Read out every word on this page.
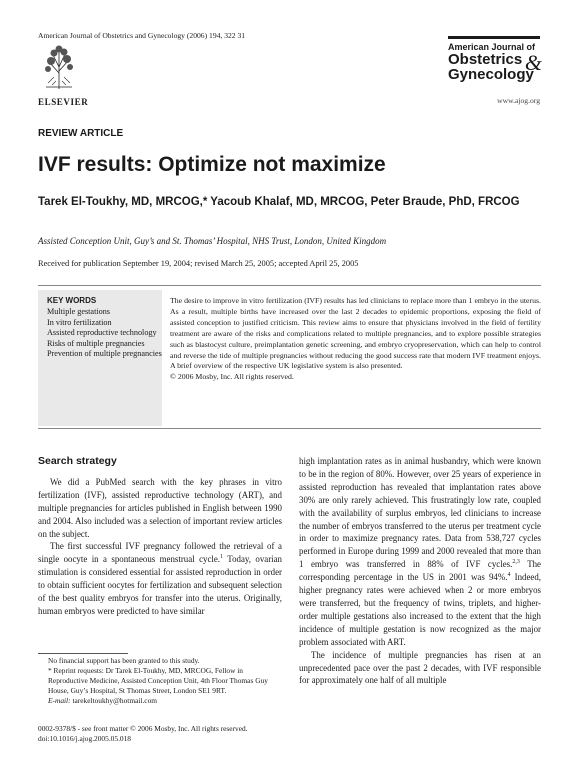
American Journal of Obstetrics and Gynecology (2006) 194, 322 31
ELSEVIER
American Journal of
Obstetrics
Gynecology
&
www.ajog.org
REVIEW ARTICLE
IVF results: Optimize not maximize
Tarek El-Toukhy, MD, MRCOG,* Yacoub Khalaf, MD, MRCOG, Peter Braude, PhD, FRCOG
Assisted Conception Unit, Guy’s and St. Thomas’ Hospital, NHS Trust, London, United Kingdom
Received for publication September 19, 2004; revised March 25, 2005; accepted April 25, 2005
KEY WORDS
Multiple gestations
In vitro fertilization
Assisted reproductive technology
Risks of multiple pregnancies
Prevention of multiple pregnancies

The desire to improve in vitro fertilization (IVF) results has led clinicians to replace more than 1 embryo in the uterus. As a result, multiple births have increased over the last 2 decades to epidemic proportions, exposing the field of assisted conception to justified criticism. This review aims to ensure that physicians involved in the field of fertility treatment are aware of the risks and complications related to multiple pregnancies, and to explore possible strategies such as blastocyst culture, preimplantation genetic screening, and embryo cryopreservation, which can help to control and reverse the tide of multiple pregnancies without reducing the good success rate that modern IVF treatment enjoys. A brief overview of the respective UK legislative system is also presented.

© 2006 Mosby, Inc. All rights reserved.
Search strategy

We did a PubMed search with the key phrases in vitro fertilization (IVF), assisted reproductive technology (ART), and multiple pregnancies for articles published in English between 1990 and 2004. Also included was a selection of important review articles on the subject.

The first successful IVF pregnancy followed the retrieval of a single oocyte in a spontaneous menstrual cycle.$^1$ Today, ovarian stimulation is considered essential for assisted reproduction in order to obtain sufficient oocytes for fertilization and subsequent selection of the best quality embryos for transfer into the uterus. Originally, human embryos were predicted to have similar

high implantation rates as in animal husbandry, which were known to be in the region of 80%. However, over 25 years of experience in assisted reproduction has revealed that implantation rates above 30% are only rarely achieved. This frustratingly low rate, coupled with the availability of surplus embryos, led clinicians to increase the number of embryos transferred to the uterus per treatment cycle in order to maximize pregnancy rates. Data from 538,727 cycles performed in Europe during 1999 and 2000 revealed that more than 1 embryo was transferred in 88% of IVF cycles.$^{2,3}$ The corresponding percentage in the US in 2001 was 94%.$^4$ Indeed, higher pregnancy rates were achieved when 2 or more embryos were transferred, but the frequency of twins, triplets, and higher-order multiple gestations also increased to the extent that the high incidence of multiple gestation is now recognized as the major problem associated with ART.

The incidence of multiple pregnancies has risen at an unprecedented pace over the past 2 decades, with IVF responsible for approximately one half of all multiple

No financial support has been granted to this study.

* Reprint requests: Dr Tarek El-Toukhy, MD, MRCOG, Fellow in Reproductive Medicine, Assisted Conception Unit, 4th Floor Thomas Guy House, Guy’s Hospital, St Thomas Street, London SE1 9RT.

E-mail: tarekeltoukhy@hotmail.com

0002-9378/$ - see front matter © 2006 Mosby, Inc. All rights reserved.
doi:10.1016/j.ajog.2005.05.018
